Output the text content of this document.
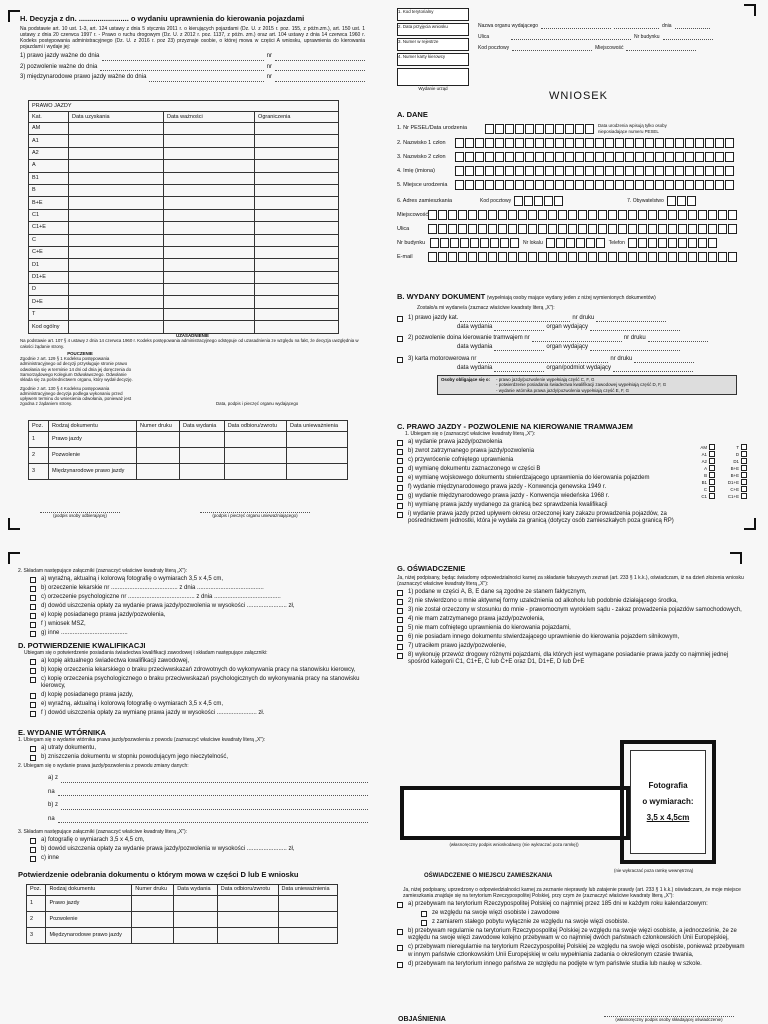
H. Decyzja z dn. ........................ o wydaniu uprawnienia do kierowania pojazdami
Na podstawie art. 10 ust. 1-3, art. 124 ustawy z dnia 5 stycznia 2011 r. o kierujących pojazdami (Dz. U. z 2015 r. poz. 155, z późn.zm.), art. 150 ust. 1 ustawy z dnia 20 czerwca 1997 r. - Prawo o ruchu drogowym (Dz. U. z 2012 r. poz. 1137, z późn. zm.) oraz art. 104 ustawy z dnia 14 czerwca 1960 r. Kodeks postępowania administracyjnego (Dz. U. z 2016 r. poz 23) przyznaje osobie, o której mowa w części A wniosku, uprawnienia do kierowania pojazdami i wydaje jej:
1) prawo jazdy ważne do dnia	nr
2) pozwolenie ważne do dnia	nr
3) międzynarodowe prawo jazdy ważne do dnia	nr
PRAWO JAZDY			
Kat.	Data uzyskania	Data ważności	Ograniczenia
AM			
A1			
A2			
A			
B1			
B			
B+E			
C1			
C1+E			
C			
C+E			
D1			
D1+E			
D			
D+E			
T			
Kod ogólny			
UZASADNIENIE
Na podstawie art. 107 § 4 ustawy z dnia 14 czerwca 1960 r. Kodeks postępowania administracyjnego odstępuje od uzasadnienia ze względu na fakt, że decyzja uwzględnia w całości żądanie strony.
POUCZENIE
Zgodnie z art. 129 § 1 Kodeksu postępowania administracyjnego od decyzji przysługuje stronie prawo odwołania się w terminie 14 dni od dnia jej doręczenia do Samorządowego Kolegium Odwoławczego. Odwołanie składa się za pośrednictwem organu, który wydał decyzję.
Zgodnie z art. 130 § 4 Kodeksu postępowania administracyjnego decyzja podlega wykonaniu przed upływem terminu do wniesienia odwołania, ponieważ jest zgodna z żądaniem strony.	Data, podpis i pieczęć organu wydającego
Poz.	Rodzaj dokumentu	Numer druku	Data wydania	Data odbioru/zwrotu	Data unieważnienia
1	Prawo jazdy				
2	Pozwolenie				
3	Międzynarodowe prawo jazdy				
(podpis osoby odbierającej)	(podpis i pieczęć organu unieważniającego)
1. Kod terytorialny
2. Data przyjęcia wniosku
3. Numer w rejestrze
4. Numer karty kierowcy
Wydanie urząd
Nazwa organu wydającego	dnia
Ulica	Nr budynku
Kod pocztowy	Miejscowość
WNIOSEK
A. DANE
1. Nr PESEL/Data urodzenia	Data urodzenia wpisują tylko osoby nieposiadające numeru PESEL
2. Nazwisko 1 człon
3. Nazwisko 2 człon
4. Imię (imiona)
5. Miejsce urodzenia
6. Adres zamieszkania	Kod pocztowy	7. Obywatelstwo
Miejscowość
Ulica
Nr budynku	Nr lokalu	Telefon
E-mail
B. WYDANY DOKUMENT (wypełniają osoby mające wydany jeden z niżej wymienionych dokumentów)
Zostało/a mi wydane/a (zaznacz właściwe kwadraty literą „X"):
1) prawo jazdy kat.	nr druku
data wydania	organ wydający
2) pozwolenie doina kierowanie tramwajem nr	nr druku
data wydania	organ wydający
3) karta motorowerowa nr	nr druku
data wydania	organ/podmiot wydający
Osoby obligające się o: - prawo jazdy/pozwolenie wypełniają część C, F, G
- potwierdzenie posiadania świadectwa kwalifikacji zawodowej wypełniają część D, F, G
- wydanie wtórnika prawa jazdy/pozwolenia wypełniają część E, F, G
C. PRAWO JAZDY - POZWOLENIE NA KIEROWANIE TRAMWAJEM
1. Ubiegam się o (zaznaczyć właściwe kwadraty literą „X"):
a) wydanie prawa jazdy/pozwolenia
b) zwrot zatrzymanego prawa jazdy/pozwolenia
c) przywrócenie cofniętego uprawnienia
d) wymianę dokumentu zaznaczonego w części B
e) wymianę wojskowego dokumentu stwierdzającego uprawnienia do kierowania pojazdem
f) wydanie międzynarodowego prawa jazdy - Konwencja genewska 1949 r.
g) wydanie międzynarodowego prawa jazdy - Konwencja wiedeńska 1968 r.
h) wymianę prawa jazdy wydanego za granicą bez sprawdzenia kwalifikacji
i) wydanie prawa jazdy przed upływem okresu orzeczonej kary zakazu prowadzenia pojazdów, za pośrednictwem jednostki, która je wydała za granicą (dotyczy osób zamieszkałych poza granicą RP)
AM	T
A1	D
A2	D1
A	B+E
B	B+E
B1	D1+E
C	C+E
C1	C1+E
2. Składam następujące załączniki (zaznaczyć właściwe kwadraty literą „X"):
a) wyraźną, aktualną i kolorową fotografię o wymiarach 3,5 x 4,5 cm,
b) orzeczenie lekarskie nr ........................................ z dnia ........................................
c) orzeczenie psychologiczne nr ........................................ z dnia ........................................
d) dowód uiszczenia opłaty za wydanie prawa jazdy/pozwolenia w wysokości ........................ zł,
e) kopię posiadanego prawa jazdy/pozwolenia,
f ) wniosek MSZ,
g) inne ........................................
D. POTWIERDZENIE KWALIFIKACJI
Ubiegam się o potwierdzenie posiadania świadectwa kwalifikacji zawodowej i składam następujące załączniki:
a) kopię aktualnego świadectwa kwalifikacji zawodowej,
b) kopię orzeczenia lekarskiego o braku przeciwwskazań zdrowotnych do wykonywania pracy na stanowisku kierowcy,
c) kopię orzeczenia psychologicznego o braku przeciwwskazań psychologicznych do wykonywania pracy na stanowisku kierowcy,
d) kopię posiadanego prawa jazdy,
e) wyraźną, aktualną i kolorową fotografię o wymiarach 3,5 x 4,5 cm,
f ) dowód uiszczenia opłaty za wymianę prawa jazdy w wysokości ........................ zł.
E. WYDANIE WTÓRNIKA
1. Ubiegam się o wydanie wtórnika prawa jazdy/pozwolenia z powodu (zaznaczyć właściwe kwadraty literą „X"):
a) utraty dokumentu,
b) zniszczenia dokumentu w stopniu powodującym jego nieczytelność,
2. Ubiegam się o wydanie prawa jazdy/pozwolenia z powodu zmiany danych:
a) z
na
b) z
na
3. Składam następujące załączniki (zaznaczyć właściwe kwadraty literą „X"):
a) fotografię o wymiarach 3,5 x 4,5 cm,
b) dowód uiszczenia opłaty za wydanie prawa jazdy/pozwolenia w wysokości ........................ zł,
c) inne
Potwierdzenie odebrania dokumentu o którym mowa w części D lub E wniosku
Poz.	Rodzaj dokumentu	Numer druku	Data wydania	Data odbioru/zwrotu	Data unieważnienia
1	Prawo jazdy				
2	Pozwolenie				
3	Międzynarodowe prawo jazdy				
G. OŚWIADCZENIE
Ja, niżej podpisany, będąc świadomy odpowiedzialności karnej za składanie fałszywych zeznań (art. 233 § 1 k.k.), oświadczam, iż na dzień złożenia wniosku (zaznaczyć właściwe kwadraty literą „X"):
1) podane w części A, B, E dane są zgodne ze stanem faktycznym,
2) nie stwierdzono u mnie aktywnej formy uzależnienia od alkoholu lub podobnie działającego środka,
3) nie został orzeczony w stosunku do mnie - prawomocnym wyrokiem sądu - zakaz prowadzenia pojazdów samochodowych,
4) nie mam zatrzymanego prawa jazdy/pozwolenia,
5) nie mam cofniętego uprawnienia do kierowania pojazdami,
6) nie posiadam innego dokumentu stwierdzającego uprawnienie do kierowania pojazdem silnikowym,
7) utraciłem prawo jazdy/pozwolenie,
8) wykonuję przewóz drogowy różnymi pojazdami, dla których jest wymagane posiadanie prawa jazdy co najmniej jednej spośród kategorii C1, C1+E, C lub C+E oraz D1, D1+E, D lub D+E
(własnoręczny podpis wnioskodawcy (nie wykraczać poza ramkę))
Fotografia
o wymiarach:
3,5 x 4,5cm
(nie wykraczać poza ramkę wewnętrzną)
OŚWIADCZENIE O MIEJSCU ZAMIESZKANIA
Ja, niżej podpisany, uprzedzony o odpowiedzialności karnej za zeznanie nieprawdy lub zatajenie prawdy (art. 233 § 1 k.k.) oświadczam, że moje miejsce zamieszkania znajduje się na terytorium Rzeczypospolitej Polskiej, przy czym że (zaznaczyć właściwe kwadraty literą „X"):
a) przebywam na terytorium Rzeczypospolitej Polskiej co najmniej przez 185 dni w każdym roku kalendarzowym:
ze względu na swoje więzi osobiste i zawodowe
z zamiarem stałego pobytu wyłącznie ze względu na swoje więzi osobiste.
b) przebywam regularnie na terytorium Rzeczypospolitej Polskiej ze względu na swoje więzi osobiste, a jednocześnie, że ze względu na swoje więzi zawodowe kolejno przebywam w co najmniej dwóch państwach członkowskich Unii Europejskiej,
c) przebywam nieregularnie na terytorium Rzeczypospolitej Polskiej ze względu na swoje więzi osobiste, ponieważ przebywam w innym państwie członkowskim Unii Europejskiej w celu wypełniania zadania o określonym czasie trwania,
d) przebywam na terytorium innego państwa ze względu na podjęte w tym państwie studia lub naukę w szkole.
(własnoręczny podpis osoby składającej oświadczenie)
OBJAŚNIENIA
